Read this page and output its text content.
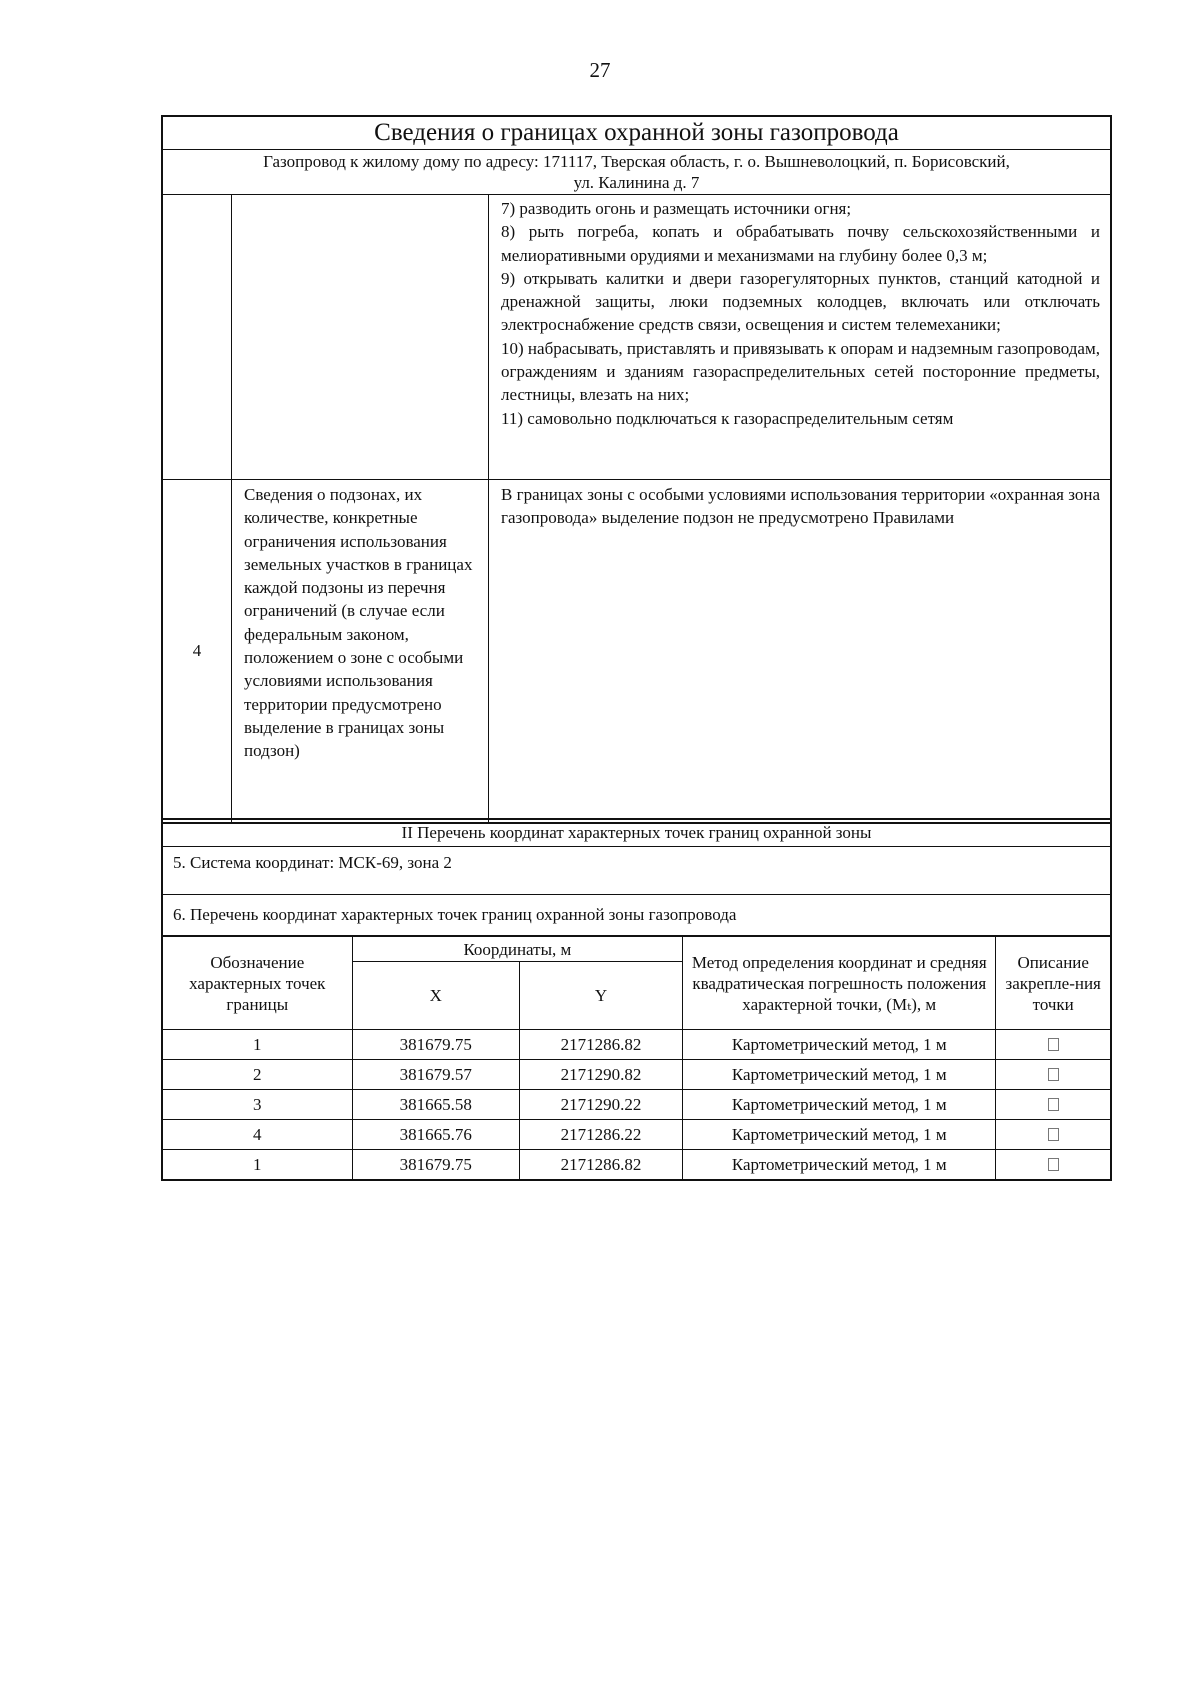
27
Сведения о границах охранной зоны газопровода		

Газопровод к жилому дому по адресу: 171117, Тверская область, г. о. Вышневолоцкий, п. Борисовский,
ул. Калинина д. 7		

		7) разводить огонь и размещать источники огня;
8) рыть погреба, копать и обрабатывать почву сельскохозяйственными и мелиоративными орудиями и механизмами на глубину более 0,3 м;
9) открывать калитки и двери газорегуляторных пунктов, станций катодной и дренажной защиты, люки подземных колодцев, включать или отключать электроснабжение средств связи, освещения и систем телемеханики;
10) набрасывать, приставлять и привязывать к опорам и надземным газопроводам, ограждениям и зданиям газораспределительных сетей посторонние предметы, лестницы, влезать на них;
11) самовольно подключаться к газораспределительным сетям

4	Сведения о подзонах, их количестве, конкретные ограничения использования земельных участков в границах каждой подзоны из перечня ограничений (в случае если федеральным законом, положением о зоне с особыми условиями использования территории предусмотрено выделение в границах зоны подзон)	В границах зоны с особыми условиями использования территории «охранная зона газопровода» выделение подзон не предусмотрено Правилами
II Перечень координат характерных точек границ охранной зоны
5. Система координат: МСК-69, зона 2
6. Перечень координат характерных точек границ охранной зоны газопровода
Обозначение характерных точек границы	Координаты, м		Метод определения координат и средняя квадратическая погрешность положения характерной точки, (Mₜ), м	Описание закрепле-ния точки
	X	Y		
1	381679.75	2171286.82	Картометрический метод, 1 м	
2	381679.57	2171290.82	Картометрический метод, 1 м	
3	381665.58	2171290.22	Картометрический метод, 1 м	
4	381665.76	2171286.22	Картометрический метод, 1 м	
1	381679.75	2171286.82	Картометрический метод, 1 м	
